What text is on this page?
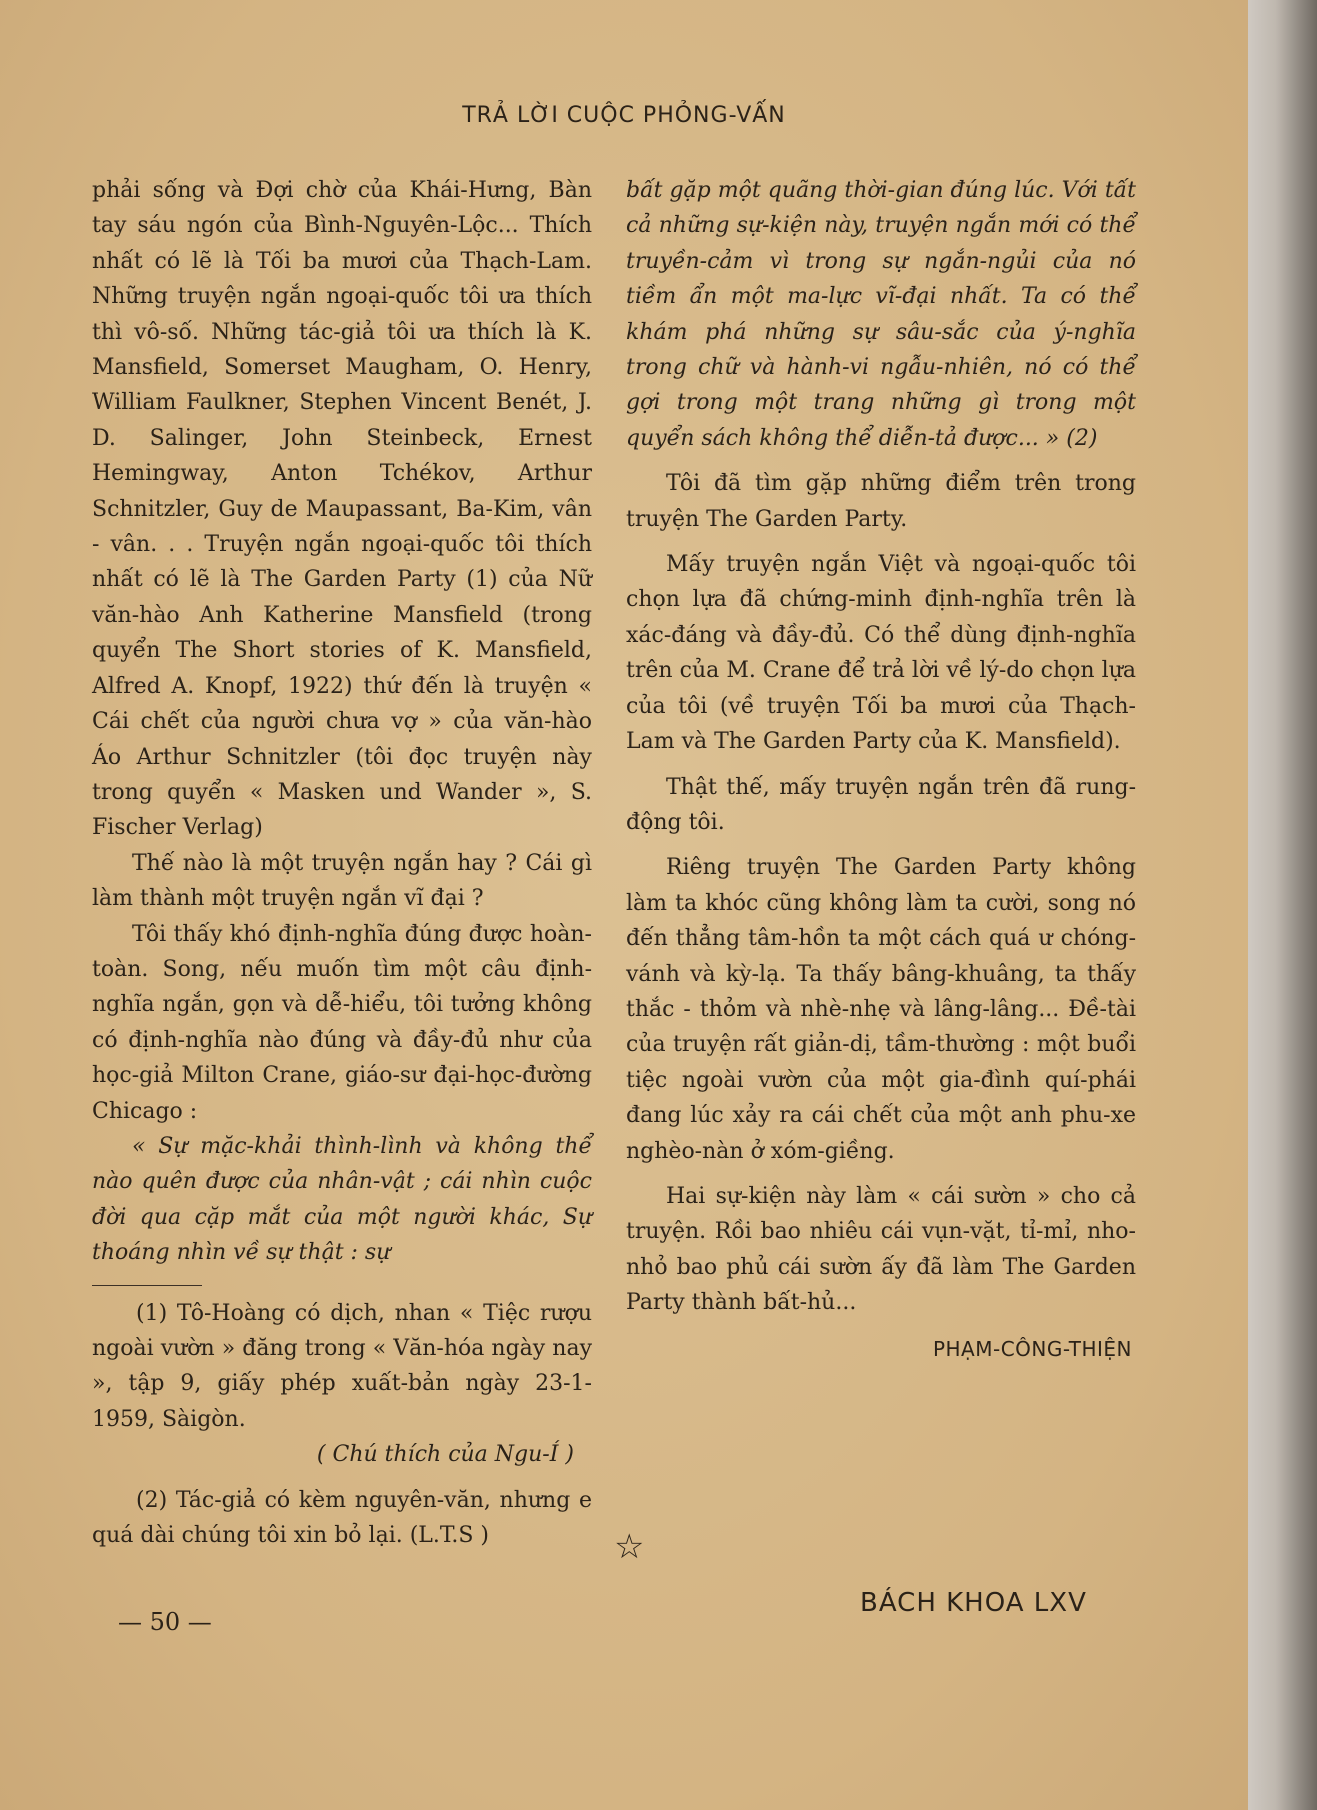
TRẢ LỜI CUỘC PHỎNG-VẤN

phải sống và Đợi chờ của Khái-Hưng, Bàn tay sáu ngón của Bình-Nguyên-Lộc... Thích nhất có lẽ là Tối ba mươi của Thạch-Lam. Những truyện ngắn ngoại-quốc tôi ưa thích thì vô-số. Những tác-giả tôi ưa thích là K. Mansfield, Somerset Maugham, O. Henry, William Faulkner, Stephen Vincent Benét, J. D. Salinger, John Steinbeck, Ernest Hemingway, Anton Tchékov, Arthur Schnitzler, Guy de Maupassant, Ba-Kim, vân - vân. . . Truyện ngắn ngoại-quốc tôi thích nhất có lẽ là The Garden Party (1) của Nữ văn-hào Anh Katherine Mansfield (trong quyển The Short stories of K. Mansfield, Alfred A. Knopf, 1922) thứ đến là truyện « Cái chết của người chưa vợ » của văn-hào Áo Arthur Schnitzler (tôi đọc truyện này trong quyển « Masken und Wander », S. Fischer Verlag)

Thế nào là một truyện ngắn hay ? Cái gì làm thành một truyện ngắn vĩ đại ?

Tôi thấy khó định-nghĩa đúng được hoàn-toàn. Song, nếu muốn tìm một câu định-nghĩa ngắn, gọn và dễ-hiểu, tôi tưởng không có định-nghĩa nào đúng và đầy-đủ như của học-giả Milton Crane, giáo-sư đại-học-đường Chicago :

« Sự mặc-khải thình-lình và không thể nào quên được của nhân-vật ; cái nhìn cuộc đời qua cặp mắt của một người khác, Sự thoáng nhìn về sự thật : sự

(1) Tô-Hoàng có dịch, nhan « Tiệc rượu ngoài vườn » đăng trong « Văn-hóa ngày nay », tập 9, giấy phép xuất-bản ngày 23-1-1959, Sàigòn.

( Chú thích của Ngu-Í )

(2) Tác-giả có kèm nguyên-văn, nhưng e quá dài chúng tôi xin bỏ lại. (L.T.S )

bất gặp một quãng thời-gian đúng lúc. Với tất cả những sự-kiện này, truyện ngắn mới có thể truyền-cảm vì trong sự ngắn-ngủi của nó tiềm ẩn một ma-lực vĩ-đại nhất. Ta có thể khám phá những sự sâu-sắc của ý-nghĩa trong chữ và hành-vi ngẫu-nhiên, nó có thể gợi trong một trang những gì trong một quyển sách không thể diễn-tả được... » (2)

Tôi đã tìm gặp những điểm trên trong truyện The Garden Party.

Mấy truyện ngắn Việt và ngoại-quốc tôi chọn lựa đã chứng-minh định-nghĩa trên là xác-đáng và đầy-đủ. Có thể dùng định-nghĩa trên của M. Crane để trả lời về lý-do chọn lựa của tôi (về truyện Tối ba mươi của Thạch-Lam và The Garden Party của K. Mansfield).

Thật thế, mấy truyện ngắn trên đã rung-động tôi.

Riêng truyện The Garden Party không làm ta khóc cũng không làm ta cười, song nó đến thẳng tâm-hồn ta một cách quá ư chóng-vánh và kỳ-lạ. Ta thấy bâng-khuâng, ta thấy thắc - thỏm và nhè-nhẹ và lâng-lâng... Đề-tài của truyện rất giản-dị, tầm-thường : một buổi tiệc ngoài vườn của một gia-đình quí-phái đang lúc xảy ra cái chết của một anh phu-xe nghèo-nàn ở xóm-giềng.

Hai sự-kiện này làm « cái sườn » cho cả truyện. Rồi bao nhiêu cái vụn-vặt, tỉ-mỉ, nho-nhỏ bao phủ cái sườn ấy đã làm The Garden Party thành bất-hủ...

PHẠM-CÔNG-THIỆN
☆
— 50 —
BÁCH KHOA LXV
